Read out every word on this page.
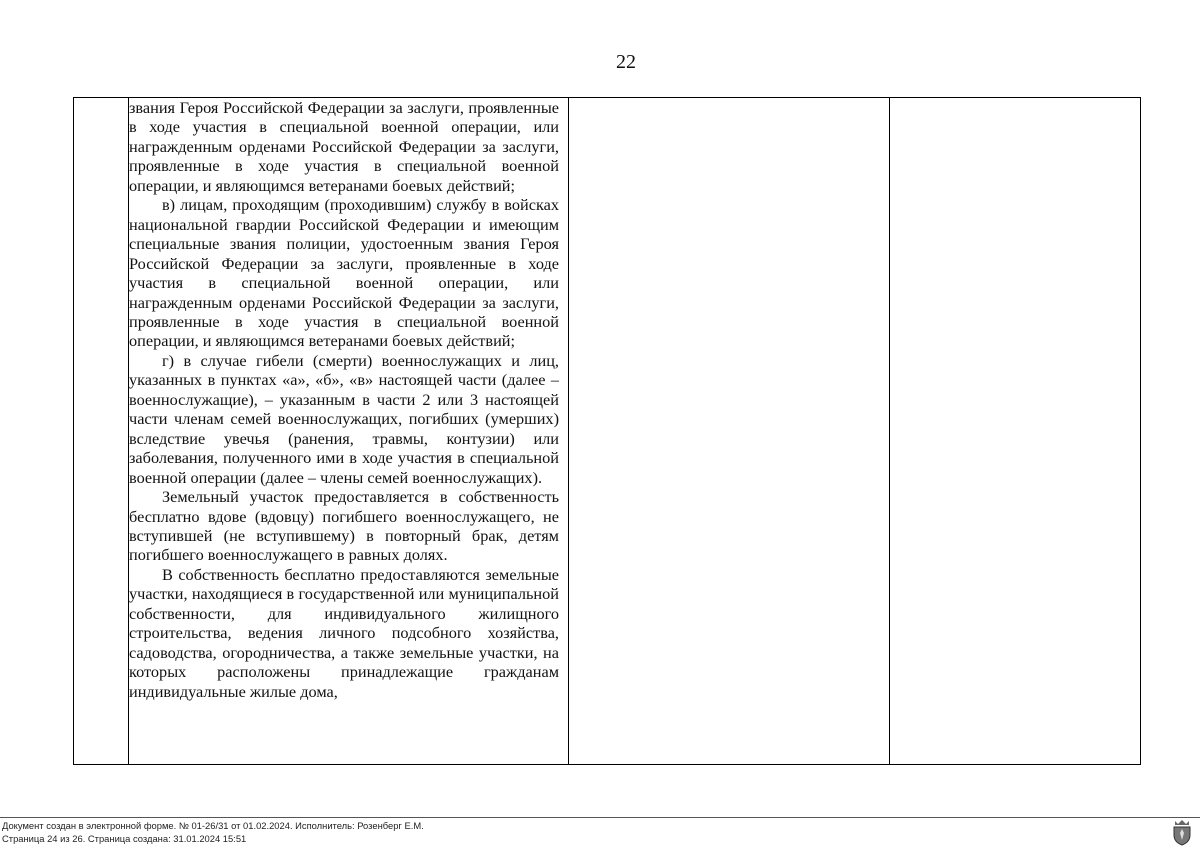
22

звания Героя Российской Федерации за заслуги, проявленные в ходе участия в специальной военной операции, или награжденным орденами Российской Федерации за заслуги, проявленные в ходе участия в специальной военной операции, и являющимся ветеранами боевых действий;

в) лицам, проходящим (проходившим) службу в войсках национальной гвардии Российской Федерации и имеющим специальные звания полиции, удостоенным звания Героя Российской Федерации за заслуги, проявленные в ходе участия в специальной военной операции, или награжденным орденами Российской Федерации за заслуги, проявленные в ходе участия в специальной военной операции, и являющимся ветеранами боевых действий;

г) в случае гибели (смерти) военнослужащих и лиц, указанных в пунктах «а», «б», «в» настоящей части (далее – военнослужащие), – указанным в части 2 или 3 настоящей части членам семей военнослужащих, погибших (умерших) вследствие увечья (ранения, травмы, контузии) или заболевания, полученного ими в ходе участия в специальной военной операции (далее – члены семей военнослужащих).

Земельный участок предоставляется в собственность бесплатно вдове (вдовцу) погибшего военнослужащего, не вступившей (не вступившему) в повторный брак, детям погибшего военнослужащего в равных долях.

В собственность бесплатно предоставляются земельные участки, находящиеся в государственной или муниципальной собственности, для индивидуального жилищного строительства, ведения личного подсобного хозяйства, садоводства, огородничества, а также земельные участки, на которых расположены принадлежащие гражданам индивидуальные жилые дома,

Документ создан в электронной форме. № 01-26/31 от 01.02.2024. Исполнитель: Розенберг Е.М.
Страница 24 из 26. Страница создана: 31.01.2024 15:51
